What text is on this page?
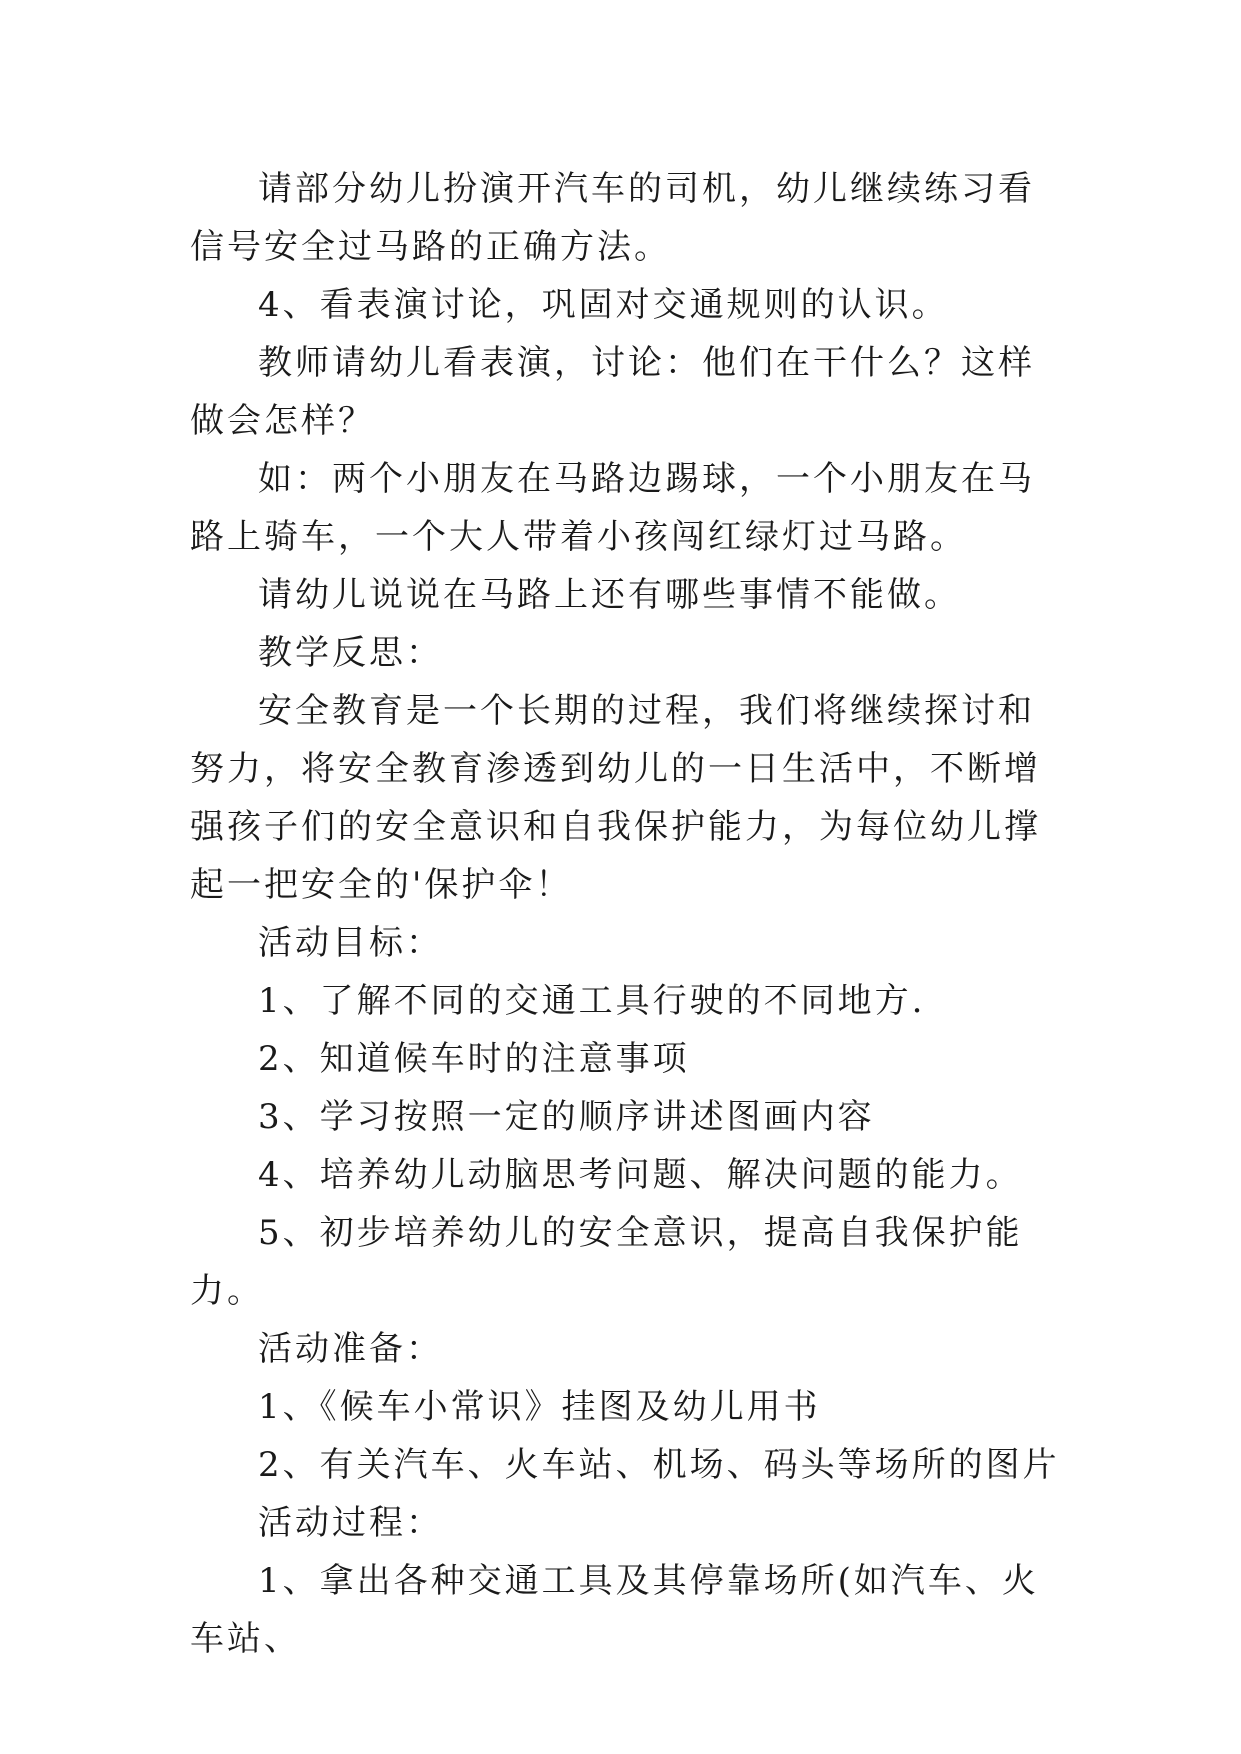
请部分幼儿扮演开汽车的司机，幼儿继续练习看信号安全过马路的正确方法。

4、看表演讨论，巩固对交通规则的认识。

教师请幼儿看表演，讨论：他们在干什么？这样做会怎样？

如：两个小朋友在马路边踢球，一个小朋友在马路上骑车，一个大人带着小孩闯红绿灯过马路。

请幼儿说说在马路上还有哪些事情不能做。

教学反思：

安全教育是一个长期的过程，我们将继续探讨和努力，将安全教育渗透到幼儿的一日生活中，不断增强孩子们的安全意识和自我保护能力，为每位幼儿撑起一把安全的'保护伞！

活动目标：

1、了解不同的交通工具行驶的不同地方.

2、知道候车时的注意事项

3、学习按照一定的顺序讲述图画内容

4、培养幼儿动脑思考问题、解决问题的能力。

5、初步培养幼儿的安全意识，提高自我保护能力。

活动准备：

1、《候车小常识》挂图及幼儿用书

2、有关汽车、火车站、机场、码头等场所的图片

活动过程：

1、拿出各种交通工具及其停靠场所(如汽车、火车站、
